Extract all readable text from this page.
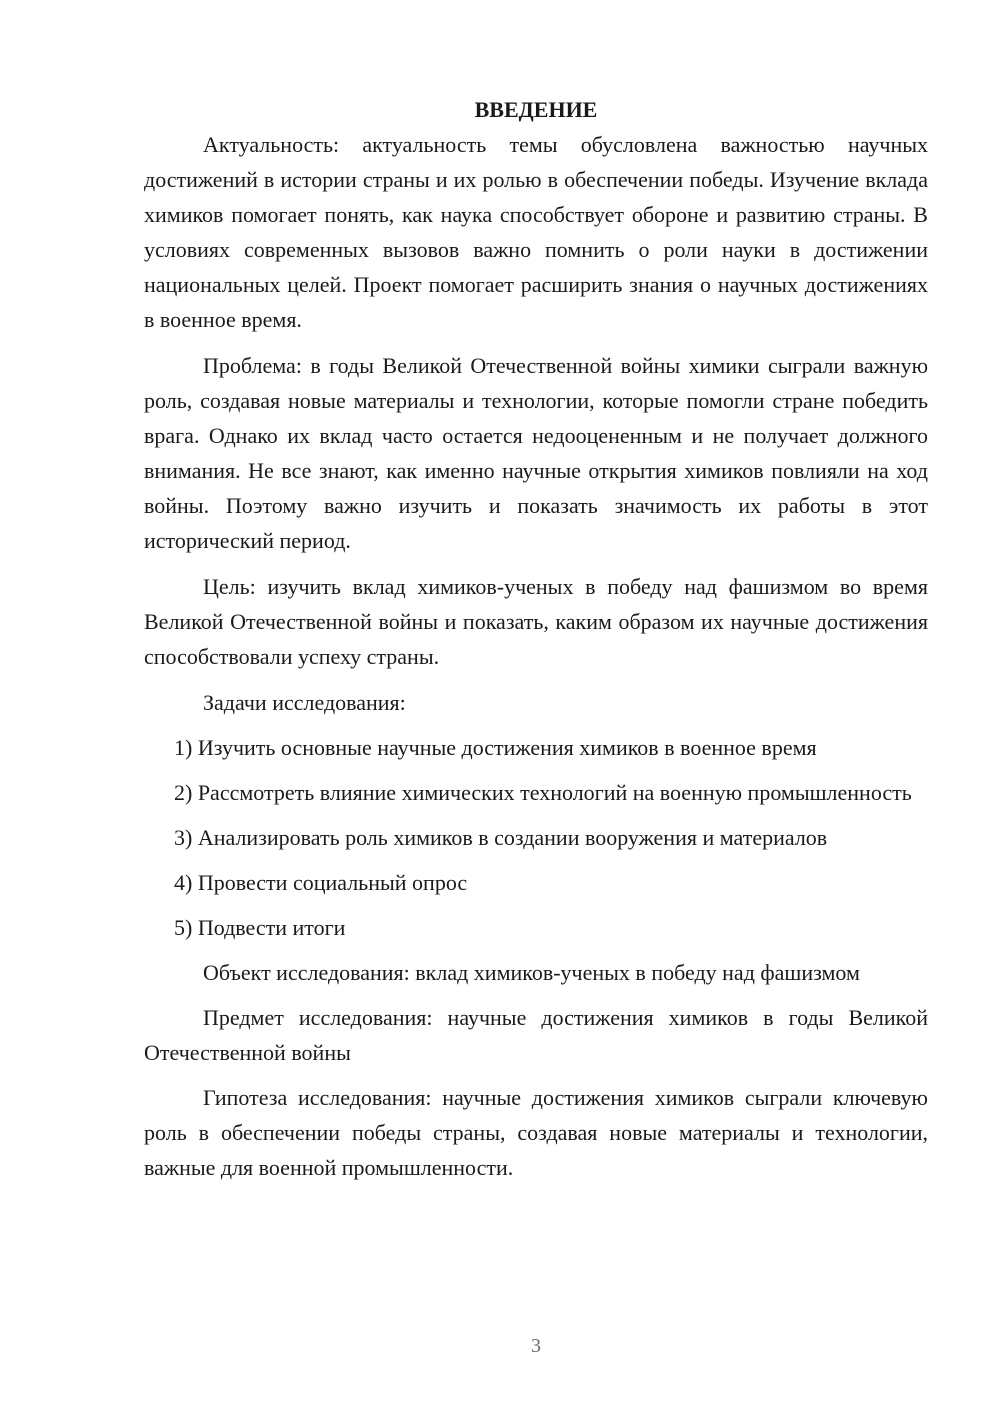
ВВЕДЕНИЕ

Актуальность: актуальность темы обусловлена важностью научных достижений в истории страны и их ролью в обеспечении победы. Изучение вклада химиков помогает понять, как наука способствует обороне и развитию страны. В условиях современных вызовов важно помнить о роли науки в достижении национальных целей. Проект помогает расширить знания о научных достижениях в военное время.

Проблема: в годы Великой Отечественной войны химики сыграли важную роль, создавая новые материалы и технологии, которые помогли стране победить врага. Однако их вклад часто остается недооцененным и не получает должного внимания. Не все знают, как именно научные открытия химиков повлияли на ход войны. Поэтому важно изучить и показать значимость их работы в этот исторический период.

Цель: изучить вклад химиков-ученых в победу над фашизмом во время Великой Отечественной войны и показать, каким образом их научные достижения способствовали успеху страны.

Задачи исследования:

1) Изучить основные научные достижения химиков в военное время

2) Рассмотреть влияние химических технологий на военную промышленность

3) Анализировать роль химиков в создании вооружения и материалов

4) Провести социальный опрос

5) Подвести итоги

Объект исследования: вклад химиков-ученых в победу над фашизмом

Предмет исследования: научные достижения химиков в годы Великой Отечественной войны

Гипотеза исследования: научные достижения химиков сыграли ключевую роль в обеспечении победы страны, создавая новые материалы и технологии, важные для военной промышленности.

3
